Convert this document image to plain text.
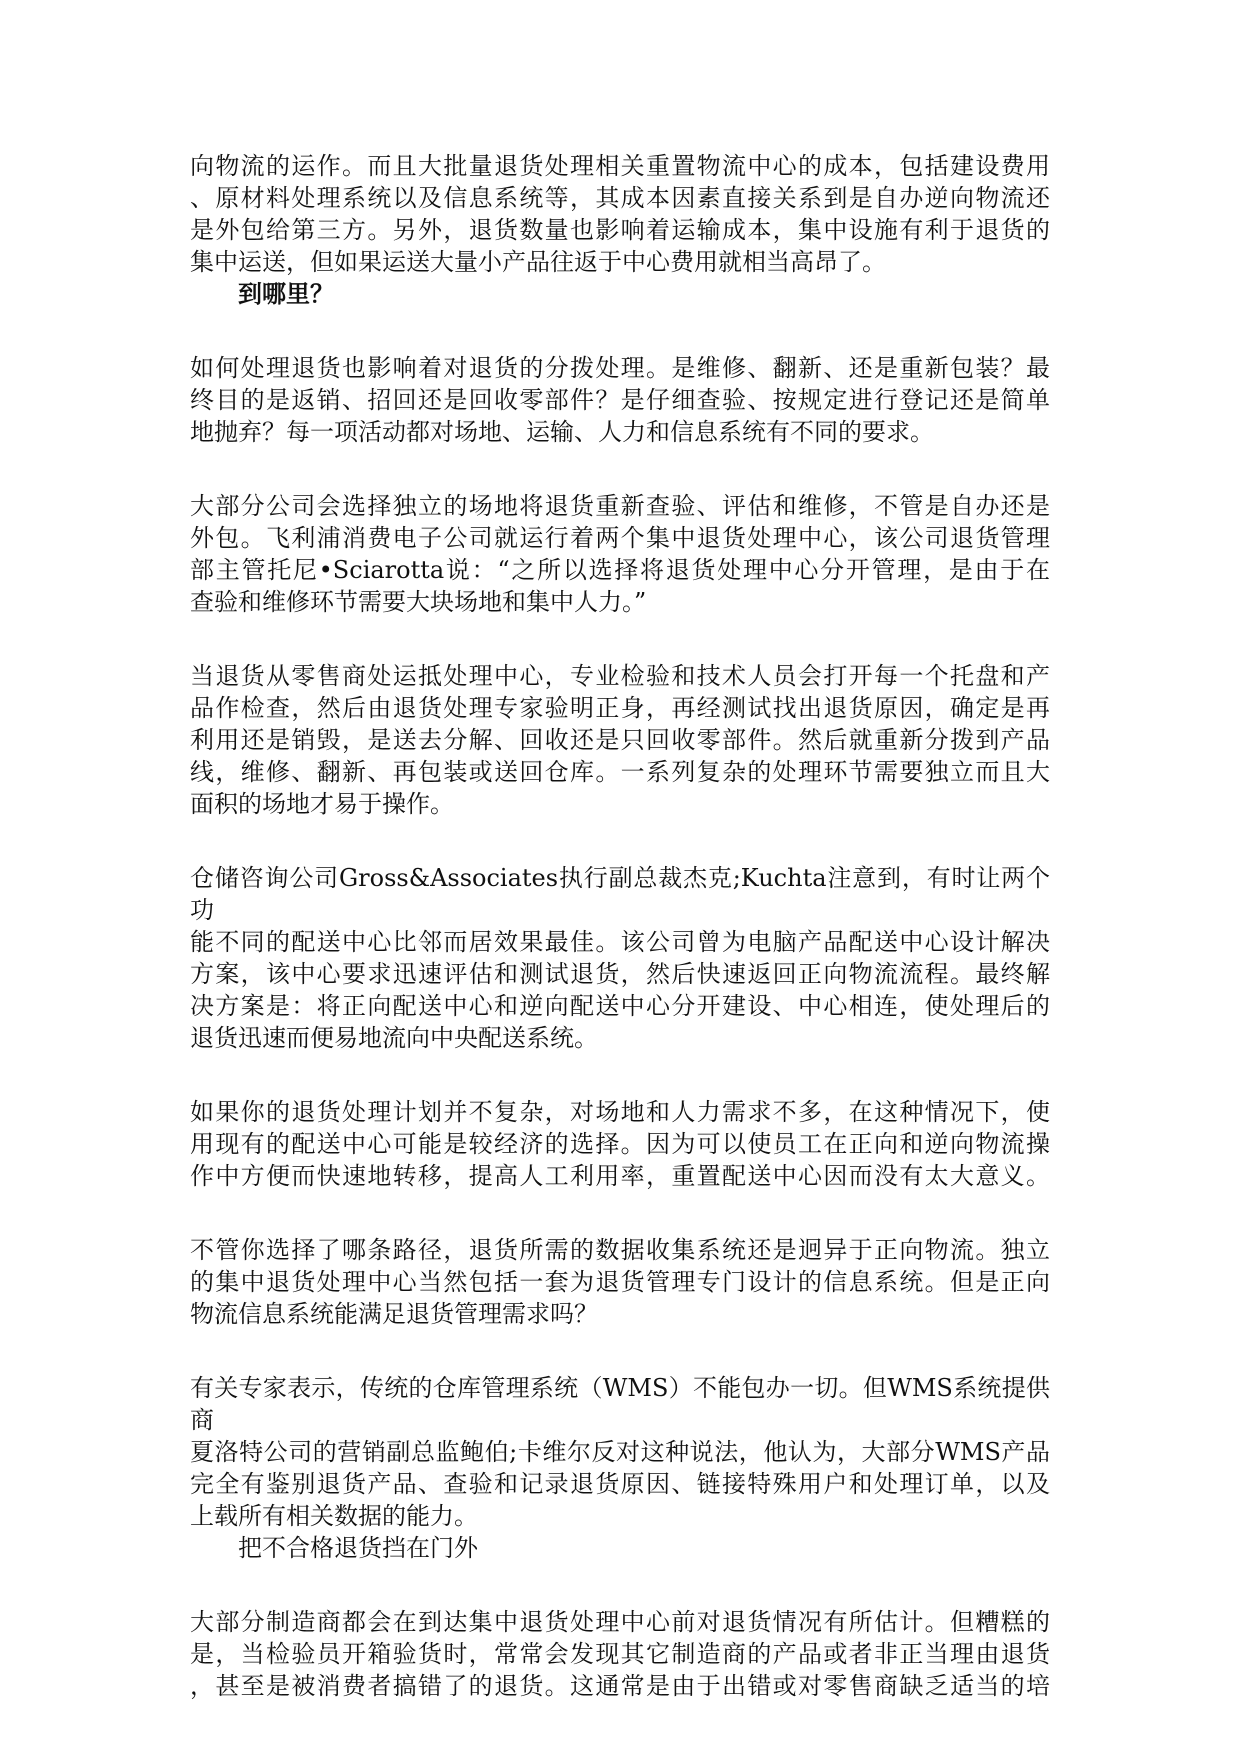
向物流的运作。而且大批量退货处理相关重置物流中心的成本，包括建设费用

、原材料处理系统以及信息系统等，其成本因素直接关系到是自办逆向物流还

是外包给第三方。另外，退货数量也影响着运输成本，集中设施有利于退货的

集中运送，但如果运送大量小产品往返于中心费用就相当高昂了。

到哪里？

如何处理退货也影响着对退货的分拨处理。是维修、翻新、还是重新包装？最

终目的是返销、招回还是回收零部件？是仔细查验、按规定进行登记还是简单

地抛弃？每一项活动都对场地、运输、人力和信息系统有不同的要求。

大部分公司会选择独立的场地将退货重新查验、评估和维修，不管是自办还是

外包。飞利浦消费电子公司就运行着两个集中退货处理中心，该公司退货管理

部主管托尼•Sciarotta说：“之所以选择将退货处理中心分开管理，是由于在

查验和维修环节需要大块场地和集中人力。”

当退货从零售商处运抵处理中心，专业检验和技术人员会打开每一个托盘和产

品作检查，然后由退货处理专家验明正身，再经测试找出退货原因，确定是再

利用还是销毁，是送去分解、回收还是只回收零部件。然后就重新分拨到产品

线，维修、翻新、再包装或送回仓库。一系列复杂的处理环节需要独立而且大

面积的场地才易于操作。

仓储咨询公司Gross&Associates执行副总裁杰克;Kuchta注意到，有时让两个功

能不同的配送中心比邻而居效果最佳。该公司曾为电脑产品配送中心设计解决

方案，该中心要求迅速评估和测试退货，然后快速返回正向物流流程。最终解

决方案是：将正向配送中心和逆向配送中心分开建设、中心相连，使处理后的

退货迅速而便易地流向中央配送系统。

如果你的退货处理计划并不复杂，对场地和人力需求不多，在这种情况下，使

用现有的配送中心可能是较经济的选择。因为可以使员工在正向和逆向物流操

作中方便而快速地转移，提高人工利用率，重置配送中心因而没有太大意义。

不管你选择了哪条路径，退货所需的数据收集系统还是迥异于正向物流。独立

的集中退货处理中心当然包括一套为退货管理专门设计的信息系统。但是正向

物流信息系统能满足退货管理需求吗？

有关专家表示，传统的仓库管理系统（WMS）不能包办一切。但WMS系统提供商

夏洛特公司的营销副总监鲍伯;卡维尔反对这种说法，他认为，大部分WMS产品

完全有鉴别退货产品、查验和记录退货原因、链接特殊用户和处理订单，以及

上载所有相关数据的能力。

把不合格退货挡在门外

大部分制造商都会在到达集中退货处理中心前对退货情况有所估计。但糟糕的

是，当检验员开箱验货时，常常会发现其它制造商的产品或者非正当理由退货

，甚至是被消费者搞错了的退货。这通常是由于出错或对零售商缺乏适当的培
